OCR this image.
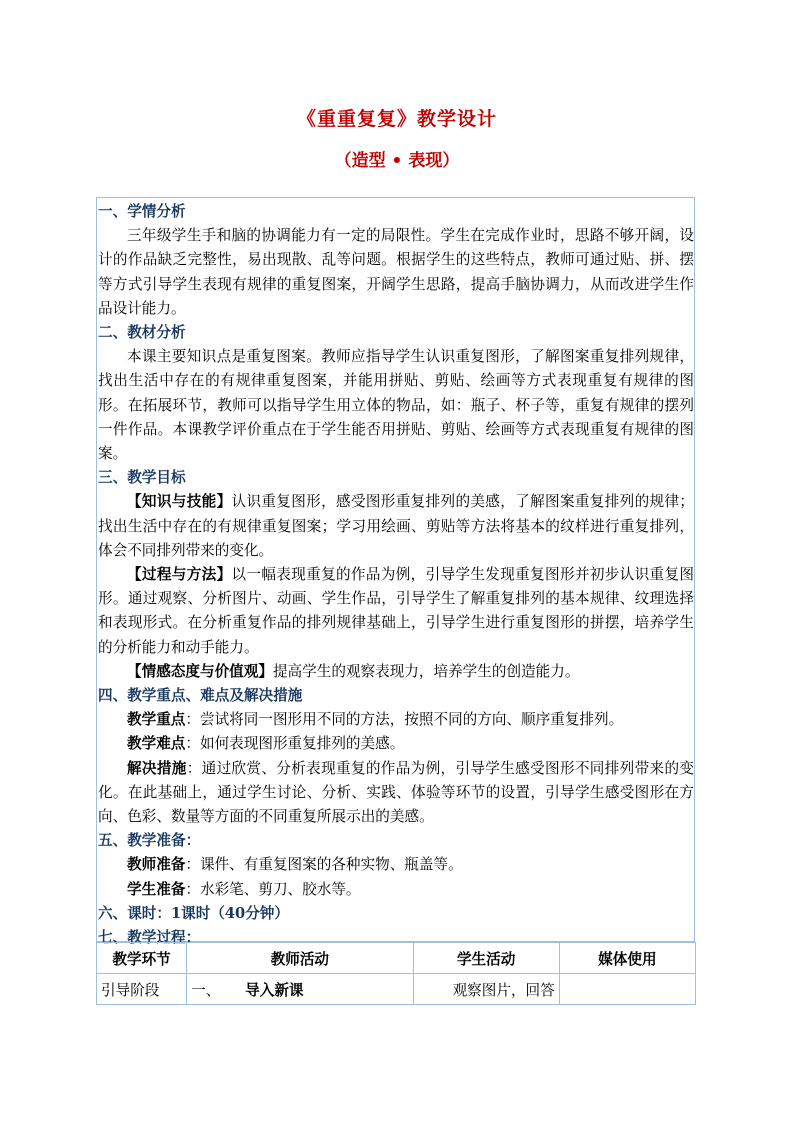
《重重复复》教学设计
（造型 • 表现）

一、学情分析

三年级学生手和脑的协调能力有一定的局限性。学生在完成作业时，思路不够开阔，设计的作品缺乏完整性，易出现散、乱等问题。根据学生的这些特点，教师可通过贴、拼、摆等方式引导学生表现有规律的重复图案，开阔学生思路，提高手脑协调力，从而改进学生作品设计能力。

二、教材分析

本课主要知识点是重复图案。教师应指导学生认识重复图形，了解图案重复排列规律，找出生活中存在的有规律重复图案，并能用拼贴、剪贴、绘画等方式表现重复有规律的图形。在拓展环节，教师可以指导学生用立体的物品，如：瓶子、杯子等，重复有规律的摆列一件作品。本课教学评价重点在于学生能否用拼贴、剪贴、绘画等方式表现重复有规律的图案。

三、教学目标

【知识与技能】认识重复图形，感受图形重复排列的美感，了解图案重复排列的规律；找出生活中存在的有规律重复图案；学习用绘画、剪贴等方法将基本的纹样进行重复排列，体会不同排列带来的变化。

【过程与方法】以一幅表现重复的作品为例，引导学生发现重复图形并初步认识重复图形。通过观察、分析图片、动画、学生作品，引导学生了解重复排列的基本规律、纹理选择和表现形式。在分析重复作品的排列规律基础上，引导学生进行重复图形的拼摆，培养学生的分析能力和动手能力。

【情感态度与价值观】提高学生的观察表现力，培养学生的创造能力。

四、教学重点、难点及解决措施

教学重点：尝试将同一图形用不同的方法，按照不同的方向、顺序重复排列。

教学难点：如何表现图形重复排列的美感。

解决措施：通过欣赏、分析表现重复的作品为例，引导学生感受图形不同排列带来的变化。在此基础上，通过学生讨论、分析、实践、体验等环节的设置，引导学生感受图形在方向、色彩、数量等方面的不同重复所展示出的美感。

五、教学准备：

教师准备：课件、有重复图案的各种实物、瓶盖等。

学生准备：水彩笔、剪刀、胶水等。

六、课时：1课时（40分钟）

七、教学过程：

教学环节	教师活动	学生活动	媒体使用
引导阶段	一、 导入新课	观察图片，回答	
